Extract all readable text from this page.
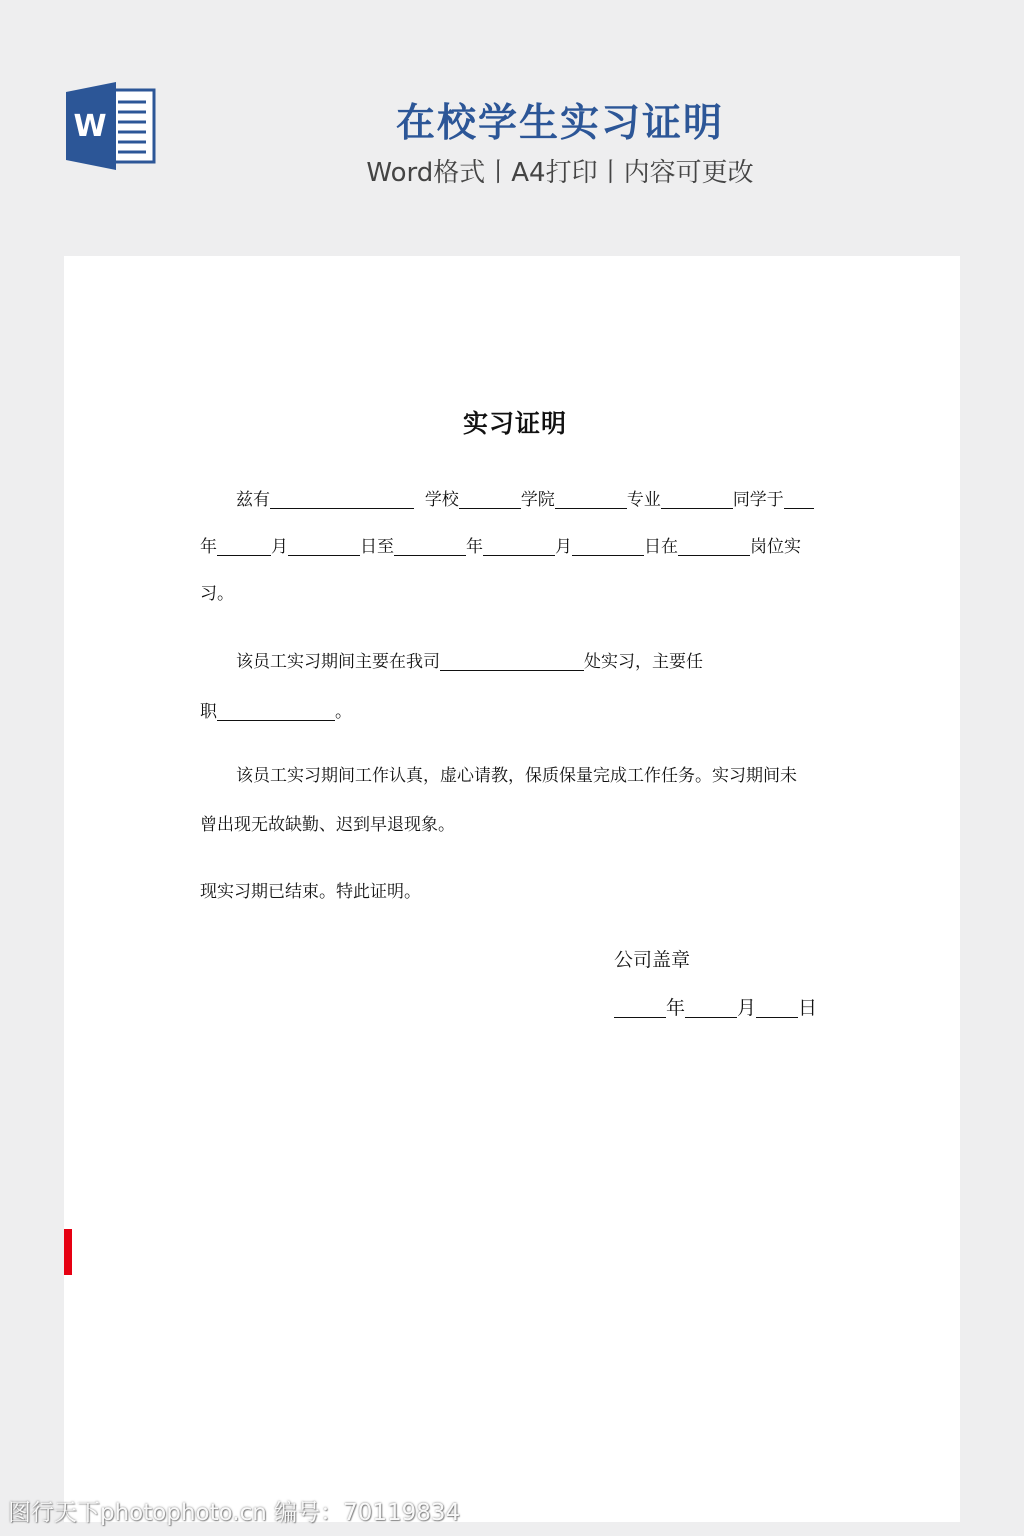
W	在校学生实习证明
Word格式丨A4打印丨内容可更改
实习证明
兹有	学校	学院	专业	同学于
年	月	日至	年	月	日在	岗位实
习。
该员工实习期间主要在我司	处实习，主要任
职	。
该员工实习期间工作认真，虚心请教，保质保量完成工作任务。实习期间未
曾出现无故缺勤、迟到早退现象。
现实习期已结束。特此证明。
公司盖章
年	月 日
图行天下photophoto.cn 编号：70119834
